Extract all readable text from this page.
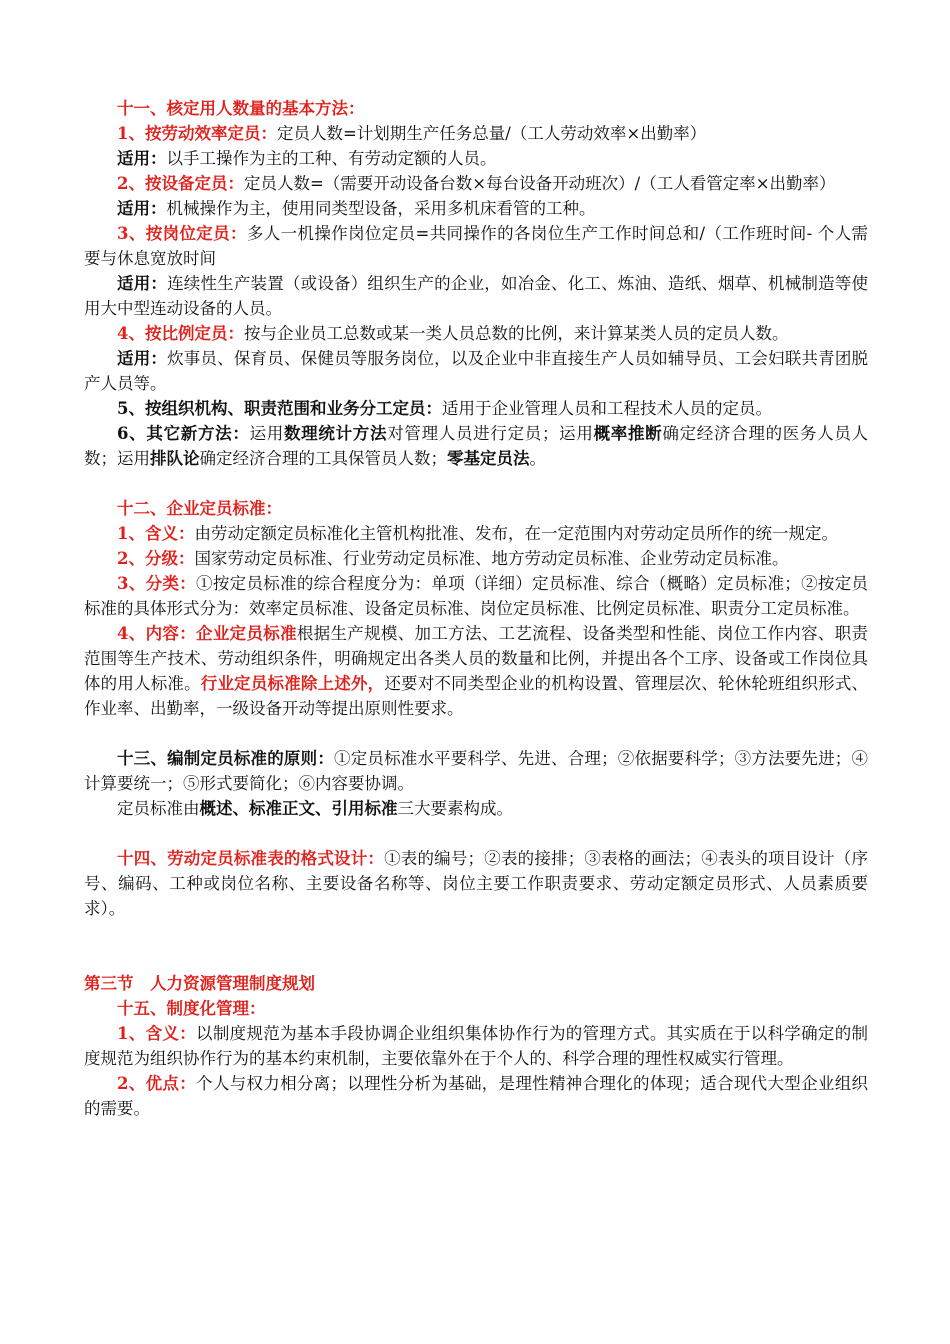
十一、核定用人数量的基本方法：

1、按劳动效率定员：定员人数=计划期生产任务总量/（工人劳动效率×出勤率）

适用：以手工操作为主的工种、有劳动定额的人员。

2、按设备定员：定员人数=（需要开动设备台数×每台设备开动班次）/（工人看管定率×出勤率）

适用：机械操作为主，使用同类型设备，采用多机床看管的工种。

3、按岗位定员：多人一机操作岗位定员=共同操作的各岗位生产工作时间总和/（工作班时间- 个人需要与休息宽放时间

适用：连续性生产装置（或设备）组织生产的企业，如冶金、化工、炼油、造纸、烟草、机械制造等使用大中型连动设备的人员。

4、按比例定员：按与企业员工总数或某一类人员总数的比例，来计算某类人员的定员人数。

适用：炊事员、保育员、保健员等服务岗位，以及企业中非直接生产人员如辅导员、工会妇联共青团脱产人员等。

5、按组织机构、职责范围和业务分工定员：适用于企业管理人员和工程技术人员的定员。

6、其它新方法：运用数理统计方法对管理人员进行定员；运用概率推断确定经济合理的医务人员人数；运用排队论确定经济合理的工具保管员人数；零基定员法。

十二、企业定员标准：

1、含义：由劳动定额定员标准化主管机构批准、发布，在一定范围内对劳动定员所作的统一规定。

2、分级：国家劳动定员标准、行业劳动定员标准、地方劳动定员标准、企业劳动定员标准。

3、分类：①按定员标准的综合程度分为：单项（详细）定员标准、综合（概略）定员标准；②按定员标准的具体形式分为：效率定员标准、设备定员标准、岗位定员标准、比例定员标准、职责分工定员标准。

4、内容：企业定员标准根据生产规模、加工方法、工艺流程、设备类型和性能、岗位工作内容、职责范围等生产技术、劳动组织条件，明确规定出各类人员的数量和比例，并提出各个工序、设备或工作岗位具体的用人标准。行业定员标准除上述外，还要对不同类型企业的机构设置、管理层次、轮休轮班组织形式、作业率、出勤率，一级设备开动等提出原则性要求。

十三、编制定员标准的原则：①定员标准水平要科学、先进、合理；②依据要科学；③方法要先进；④计算要统一；⑤形式要简化；⑥内容要协调。

定员标准由概述、标准正文、引用标准三大要素构成。

十四、劳动定员标准表的格式设计：①表的编号；②表的接排；③表格的画法；④表头的项目设计（序号、编码、工种或岗位名称、主要设备名称等、岗位主要工作职责要求、劳动定额定员形式、人员素质要求）。

第三节　人力资源管理制度规划

十五、制度化管理：

1、含义：以制度规范为基本手段协调企业组织集体协作行为的管理方式。其实质在于以科学确定的制度规范为组织协作行为的基本约束机制，主要依靠外在于个人的、科学合理的理性权威实行管理。

2、优点：个人与权力相分离；以理性分析为基础，是理性精神合理化的体现；适合现代大型企业组织的需要。
